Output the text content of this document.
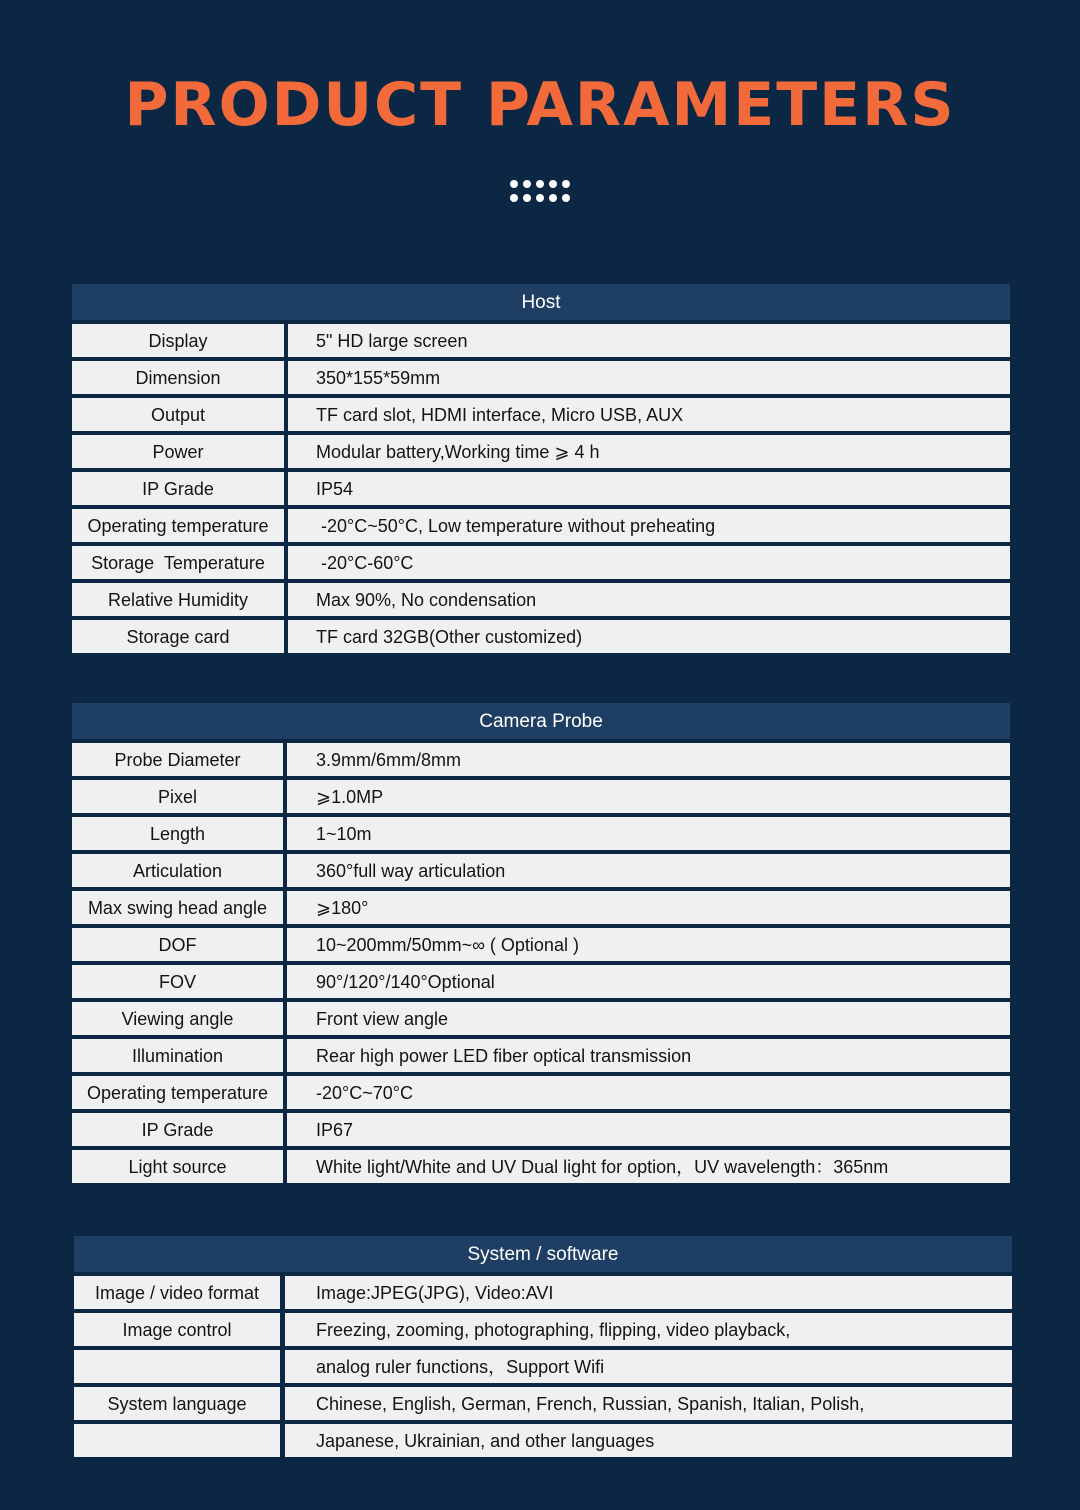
PRODUCT PARAMETERS
Host
Display	5" HD large screen
Dimension	350*155*59mm
Output	TF card slot, HDMI interface, Micro USB, AUX
Power	Modular battery,Working time ⩾ 4 h
IP Grade	IP54
Operating temperature	-20°C~50°C, Low temperature without preheating
Storage  Temperature	-20°C-60°C
Relative Humidity	Max 90%, No condensation
Storage card	TF card 32GB(Other customized)
Camera Probe
Probe Diameter	3.9mm/6mm/8mm
Pixel	⩾1.0MP
Length	1~10m
Articulation	360°full way articulation
Max swing head angle	⩾180°
DOF	10~200mm/50mm~∞ ( Optional )
FOV	90°/120°/140°Optional
Viewing angle	Front view angle
Illumination	Rear high power LED fiber optical transmission
Operating temperature	-20°C~70°C
IP Grade	IP67
Light source	White light/White and UV Dual light for option，UV wavelength：365nm
System / software
Image / video format	Image:JPEG(JPG), Video:AVI
Image control	Freezing, zooming, photographing, flipping, video playback,
analog ruler functions，Support Wifi
System language	Chinese, English, German, French, Russian, Spanish, Italian, Polish,
Japanese, Ukrainian, and other languages
